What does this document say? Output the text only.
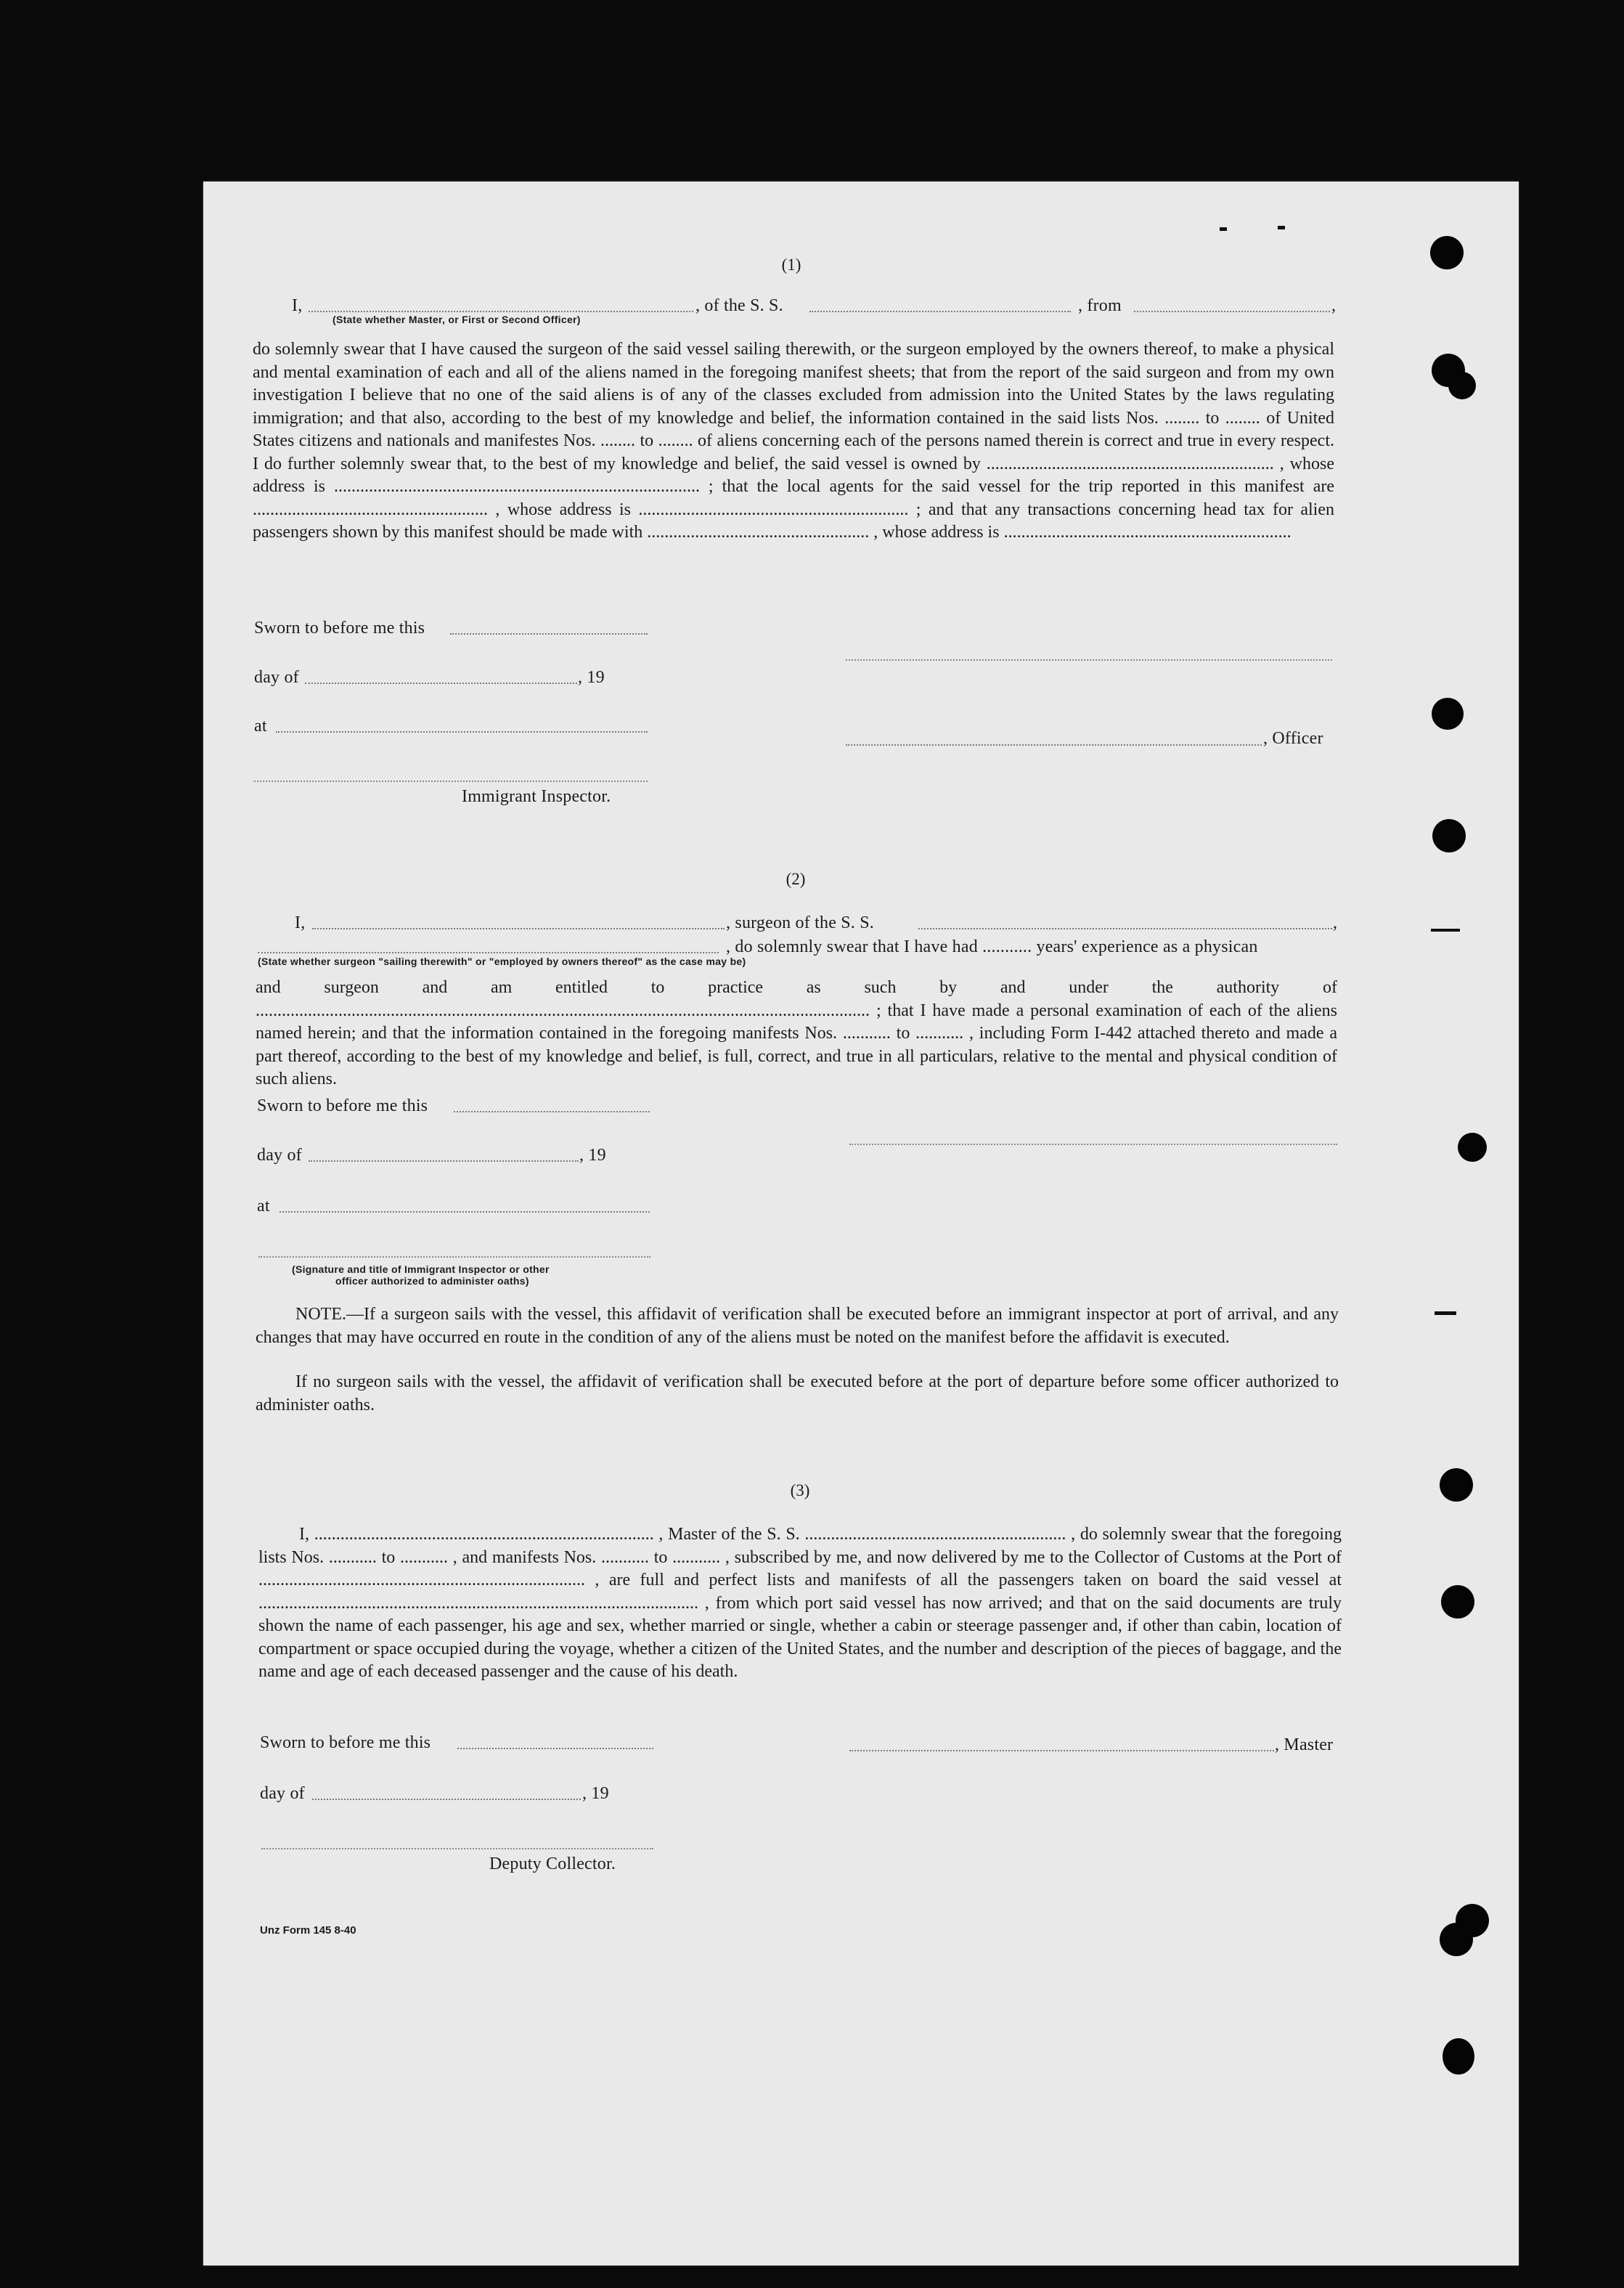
(1)
I,	, of the S. S.	, from	,
(State whether Master, or First or Second Officer)
do solemnly swear that I have caused the surgeon of the said vessel sailing therewith, or the surgeon employed by the owners thereof, to make a physical and mental examination of each and all of the aliens named in the foregoing manifest sheets; that from the report of the said surgeon and from my own investigation I believe that no one of the said aliens is of any of the classes excluded from admission into the United States by the laws regulating immigration; and that also, according to the best of my knowledge and belief, the information contained in the said lists Nos. ........ to ........ of United States citizens and nationals and manifestes Nos. ........ to ........ of aliens concerning each of the persons named therein is correct and true in every respect. I do further solemnly swear that, to the best of my knowledge and belief, the said vessel is owned by .................................................................. , whose address is .................................................................................... ; that the local agents for the said vessel for the trip reported in this manifest are ...................................................... , whose address is .............................................................. ; and that any transactions concerning head tax for alien passengers shown by this manifest should be made with ................................................... , whose address is ..................................................................
Sworn to before me this
day of	, 19
at
, Officer
Immigrant Inspector.
(2)
I,	, surgeon of the S. S.	,
, do solemnly swear that I have had ........... years' experience as a physican
(State whether surgeon "sailing therewith" or "employed by owners thereof" as the case may be)
and surgeon and am entitled to practice as such by and under the authority of ............................................................................................................................................. ; that I have made a personal examination of each of the aliens named herein; and that the information contained in the foregoing manifests Nos. ........... to ........... , including Form I-442 attached thereto and made a part thereof, according to the best of my knowledge and belief, is full, correct, and true in all particulars, relative to the mental and physical condition of such aliens.
Sworn to before me this
day of	, 19
at
(Signature and title of Immigrant Inspector or other
officer authorized to administer oaths)
NOTE.—If a surgeon sails with the vessel, this affidavit of verification shall be executed before an immigrant inspector at port of arrival, and any changes that may have occurred en route in the condition of any of the aliens must be noted on the manifest before the affidavit is executed.
If no surgeon sails with the vessel, the affidavit of verification shall be executed before at the port of departure before some officer authorized to administer oaths.
(3)
I, .............................................................................. , Master of the S. S. ............................................................ , do solemnly swear that the foregoing lists Nos. ........... to ........... , and manifests Nos. ........... to ........... , subscribed by me, and now delivered by me to the Collector of Customs at the Port of ........................................................................... , are full and perfect lists and manifests of all the passengers taken on board the said vessel at ..................................................................................................... , from which port said vessel has now arrived; and that on the said documents are truly shown the name of each passenger, his age and sex, whether married or single, whether a cabin or steerage passenger and, if other than cabin, location of compartment or space occupied during the voyage, whether a citizen of the United States, and the number and description of the pieces of baggage, and the name and age of each deceased passenger and the cause of his death.
Sworn to before me this	, Master
day of	, 19
Deputy Collector.
Unz Form 145 8-40
